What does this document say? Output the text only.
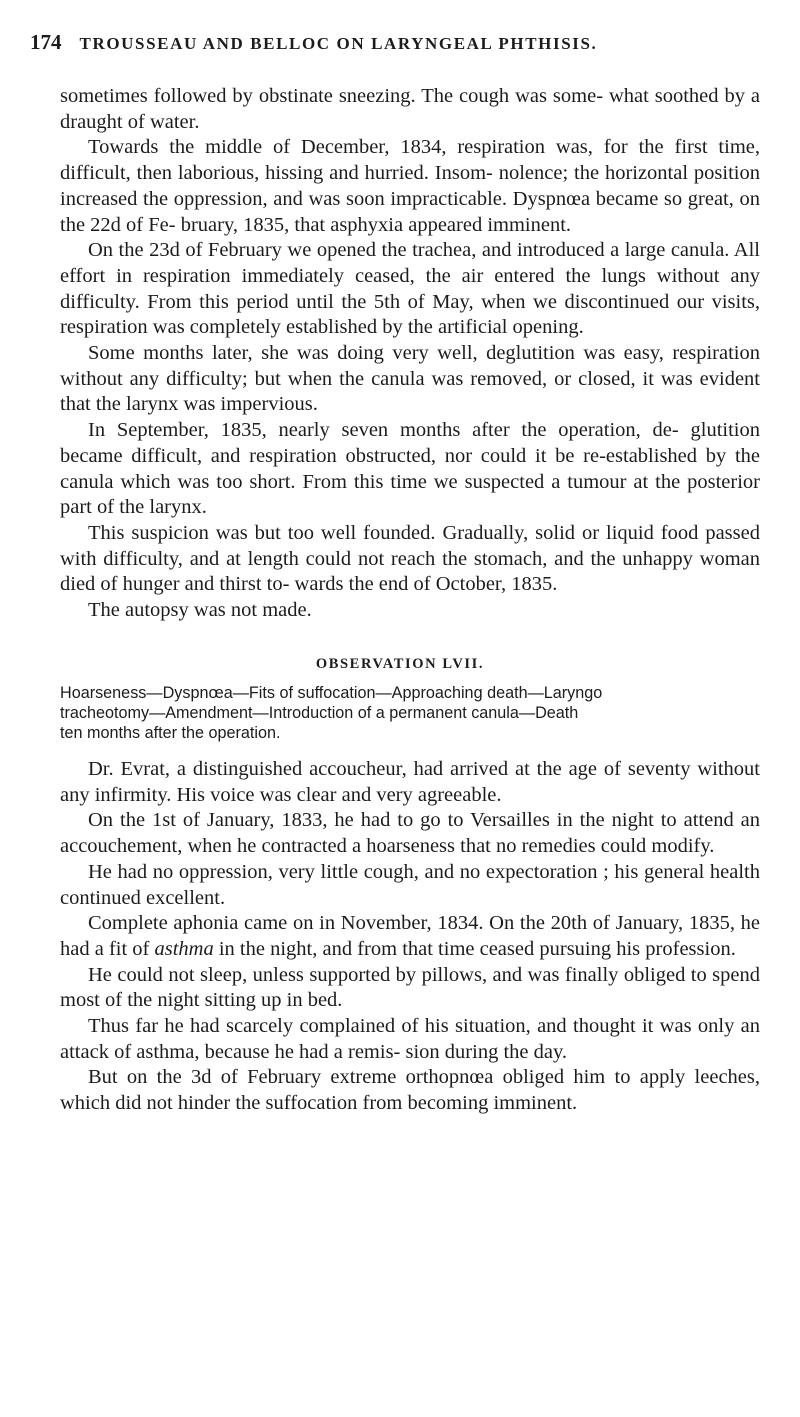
174 TROUSSEAU AND BELLOC ON LARYNGEAL PHTHISIS.

sometimes followed by obstinate sneezing. The cough was some- what soothed by a draught of water.

Towards the middle of December, 1834, respiration was, for the first time, difficult, then laborious, hissing and hurried. Insom- nolence; the horizontal position increased the oppression, and was soon impracticable. Dyspnœa became so great, on the 22d of Fe- bruary, 1835, that asphyxia appeared imminent.

On the 23d of February we opened the trachea, and introduced a large canula. All effort in respiration immediately ceased, the air entered the lungs without any difficulty. From this period until the 5th of May, when we discontinued our visits, respiration was completely established by the artificial opening.

Some months later, she was doing very well, deglutition was easy, respiration without any difficulty; but when the canula was removed, or closed, it was evident that the larynx was impervious.

In September, 1835, nearly seven months after the operation, de- glutition became difficult, and respiration obstructed, nor could it be re-established by the canula which was too short. From this time we suspected a tumour at the posterior part of the larynx.

This suspicion was but too well founded. Gradually, solid or liquid food passed with difficulty, and at length could not reach the stomach, and the unhappy woman died of hunger and thirst to- wards the end of October, 1835.

The autopsy was not made.

OBSERVATION LVII.
Hoarseness—Dyspnœa—Fits of suffocation—Approaching death—Laryngo
tracheotomy—Amendment—Introduction of a permanent canula—Death
ten months after the operation.

Dr. Evrat, a distinguished accoucheur, had arrived at the age of seventy without any infirmity. His voice was clear and very agreeable.

On the 1st of January, 1833, he had to go to Versailles in the night to attend an accouchement, when he contracted a hoarseness that no remedies could modify.

He had no oppression, very little cough, and no expectoration ; his general health continued excellent.

Complete aphonia came on in November, 1834. On the 20th of January, 1835, he had a fit of asthma in the night, and from that time ceased pursuing his profession.

He could not sleep, unless supported by pillows, and was finally obliged to spend most of the night sitting up in bed.

Thus far he had scarcely complained of his situation, and thought it was only an attack of asthma, because he had a remis- sion during the day.

But on the 3d of February extreme orthopnœa obliged him to apply leeches, which did not hinder the suffocation from becoming imminent.
